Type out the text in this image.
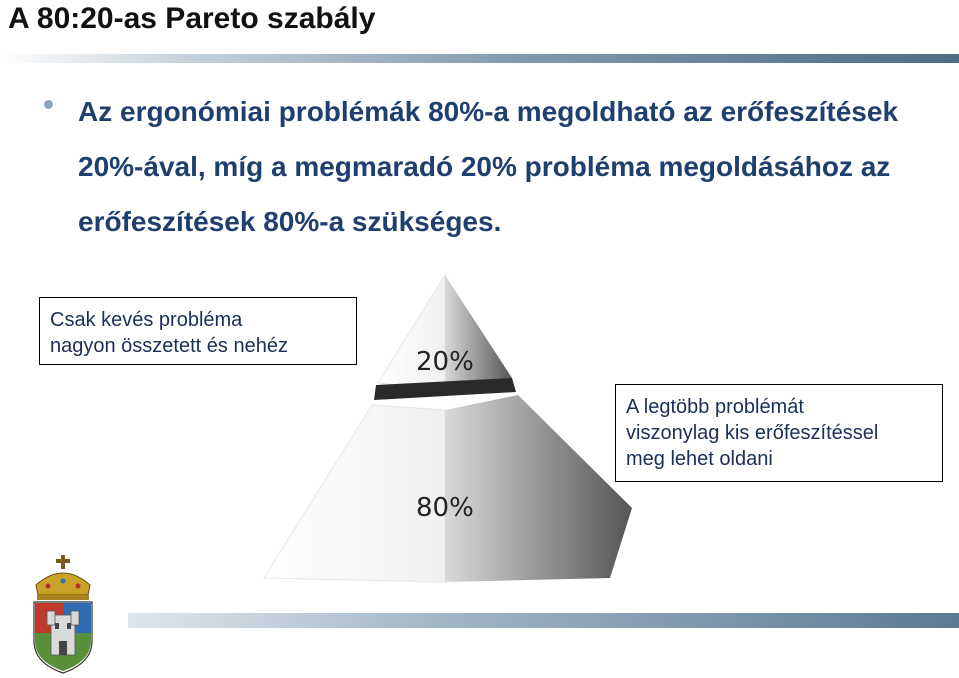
A 80:20-as Pareto szabály
Az ergonómiai problémák 80%-a megoldható az erőfeszítések 20%-ával, míg a megmaradó 20% probléma megoldásához az erőfeszítések 80%-a szükséges.
20%
80%
Csak kevés probléma
nagyon összetett és nehéz
A legtöbb problémát
viszonylag kis erőfeszítéssel
meg lehet oldani
